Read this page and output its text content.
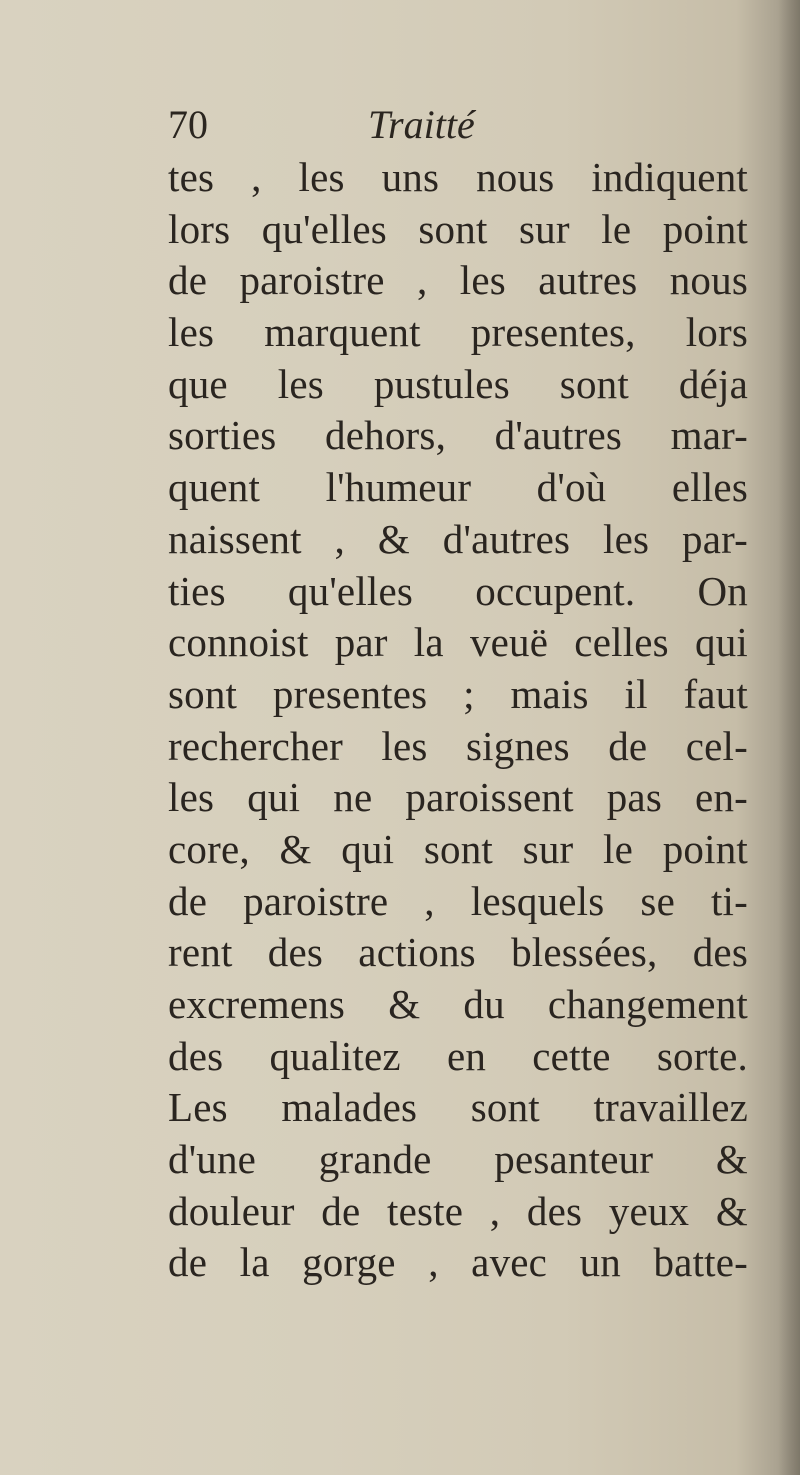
70	Traitté
tes , les uns nous indiquent
lors qu'elles sont sur le point
de paroistre , les autres nous
les marquent presentes, lors
que les pustules sont déja
sorties dehors, d'autres mar-
quent l'humeur d'où elles
naissent , & d'autres les par-
ties qu'elles occupent. On
connoist par la veuë celles qui
sont presentes ; mais il faut
rechercher les signes de cel-
les qui ne paroissent pas en-
core, & qui sont sur le point
de paroistre , lesquels se ti-
rent des actions blessées, des
excremens & du changement
des qualitez en cette sorte.
Les malades sont travaillez
d'une grande pesanteur &
douleur de teste , des yeux &
de la gorge , avec un batte-
